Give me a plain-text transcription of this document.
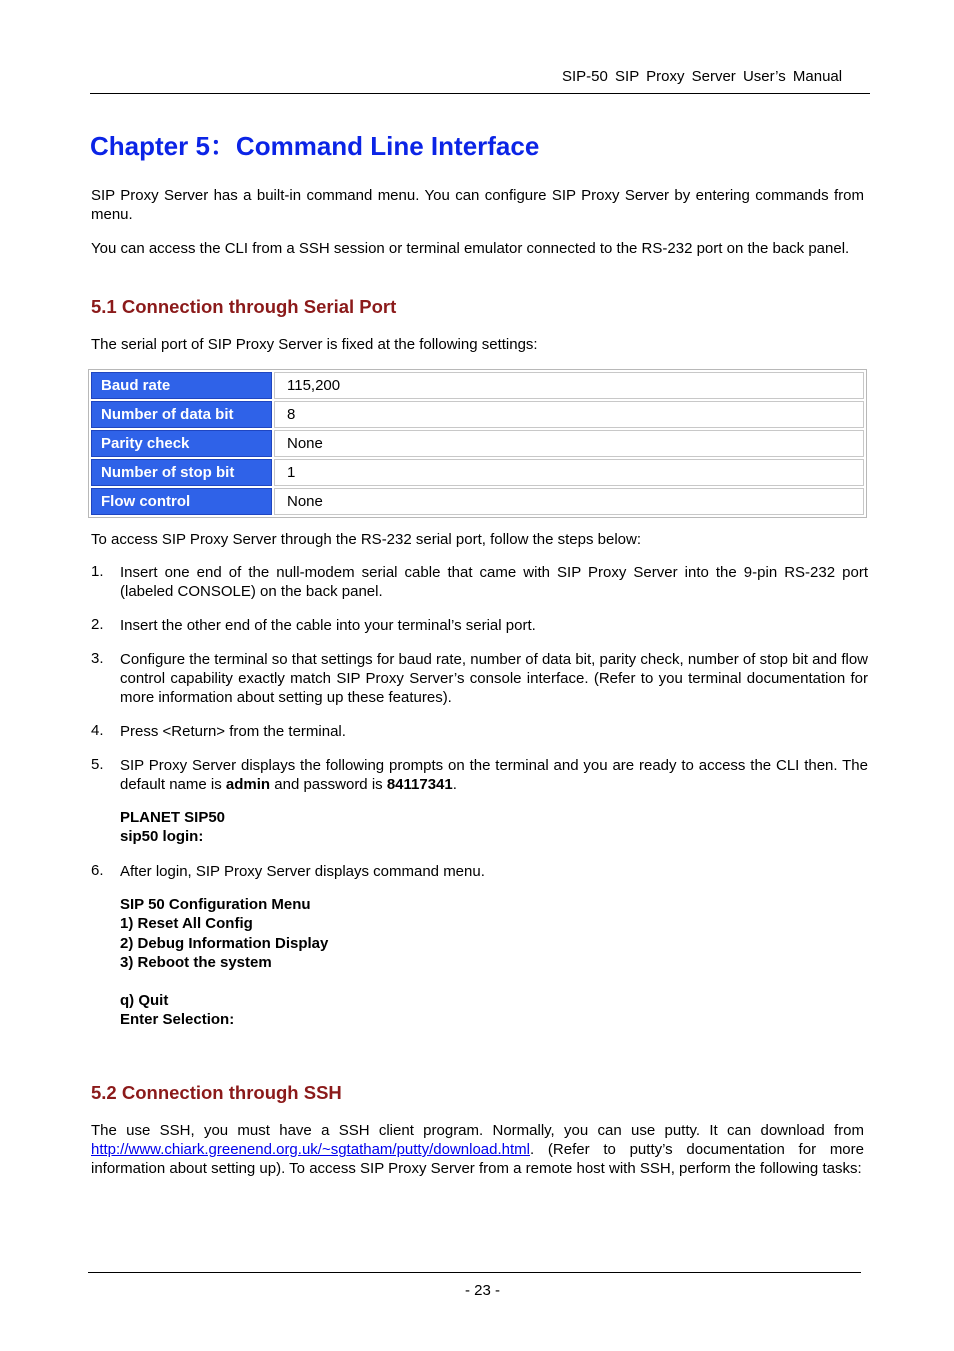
SIP-50 SIP Proxy Server User’s Manual
Chapter 5：Command Line Interface
SIP Proxy Server has a built-in command menu. You can configure SIP Proxy Server by entering commands from menu.
You can access the CLI from a SSH session or terminal emulator connected to the RS-232 port on the back panel.
5.1 Connection through Serial Port
The serial port of SIP Proxy Server is fixed at the following settings:
Baud rate	115,200
Number of data bit	8
Parity check	None
Number of stop bit	1
Flow control	None
To access SIP Proxy Server through the RS-232 serial port, follow the steps below:
1. Insert one end of the null-modem serial cable that came with SIP Proxy Server into the 9-pin RS-232 port (labeled CONSOLE) on the back panel.
2. Insert the other end of the cable into your terminal’s serial port.
3. Configure the terminal so that settings for baud rate, number of data bit, parity check, number of stop bit and flow control capability exactly match SIP Proxy Server’s console interface. (Refer to you terminal documentation for more information about setting up these features).
4. Press <Return> from the terminal.
5. SIP Proxy Server displays the following prompts on the terminal and you are ready to access the CLI then. The default name is admin and password is 84117341.
PLANET SIP50
sip50 login:
6. After login, SIP Proxy Server displays command menu.
SIP 50 Configuration Menu
1) Reset All Config
2) Debug Information Display
3) Reboot the system
q) Quit
Enter Selection:
5.2 Connection through SSH
The use SSH, you must have a SSH client program. Normally, you can use putty. It can download from http://www.chiark.greenend.org.uk/~sgtatham/putty/download.html. (Refer to putty’s documentation for more information about setting up). To access SIP Proxy Server from a remote host with SSH, perform the following tasks:
- 23 -
